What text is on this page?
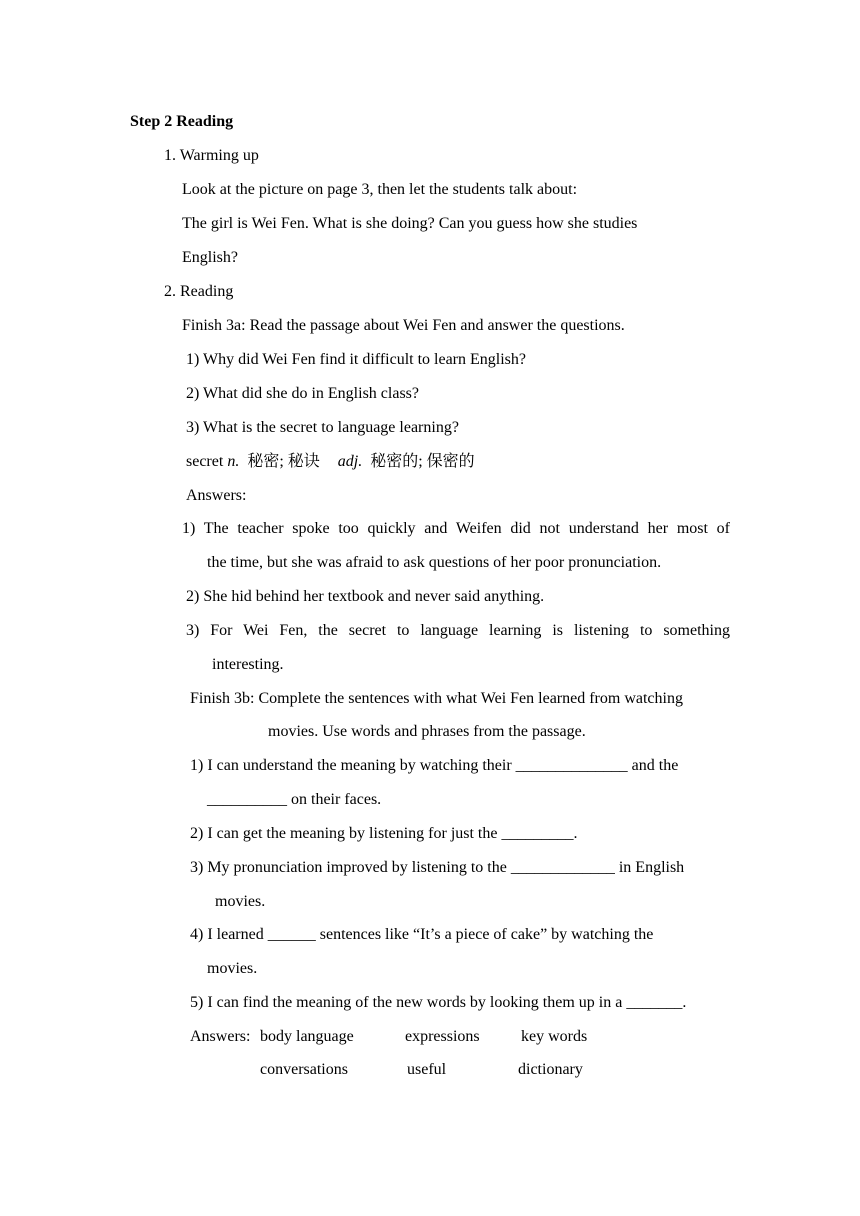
Step 2 Reading
1. Warming up
Look at the picture on page 3, then let the students talk about:
The girl is Wei Fen. What is she doing? Can you guess how she studies
English?
2. Reading
Finish 3a: Read the passage about Wei Fen and answer the questions.
1) Why did Wei Fen find it difficult to learn English?
2) What did she do in English class?
3) What is the secret to language learning?
secret n. 秘密; 秘诀 adj. 秘密的; 保密的
Answers:
1) The teacher spoke too quickly and Weifen did not understand her most of
the time, but she was afraid to ask questions of her poor pronunciation.
2) She hid behind her textbook and never said anything.
3) For Wei Fen, the secret to language learning is listening to something
interesting.
Finish 3b: Complete the sentences with what Wei Fen learned from watching
movies. Use words and phrases from the passage.
1) I can understand the meaning by watching their ______________ and the
__________ on their faces.
2) I can get the meaning by listening for just the _________.
3) My pronunciation improved by listening to the _____________ in English
movies.
4) I learned ______ sentences like “It’s a piece of cake” by watching the
movies.
5) I can find the meaning of the new words by looking them up in a _______.
Answers: body language	expressions	key words
conversations	useful	dictionary
